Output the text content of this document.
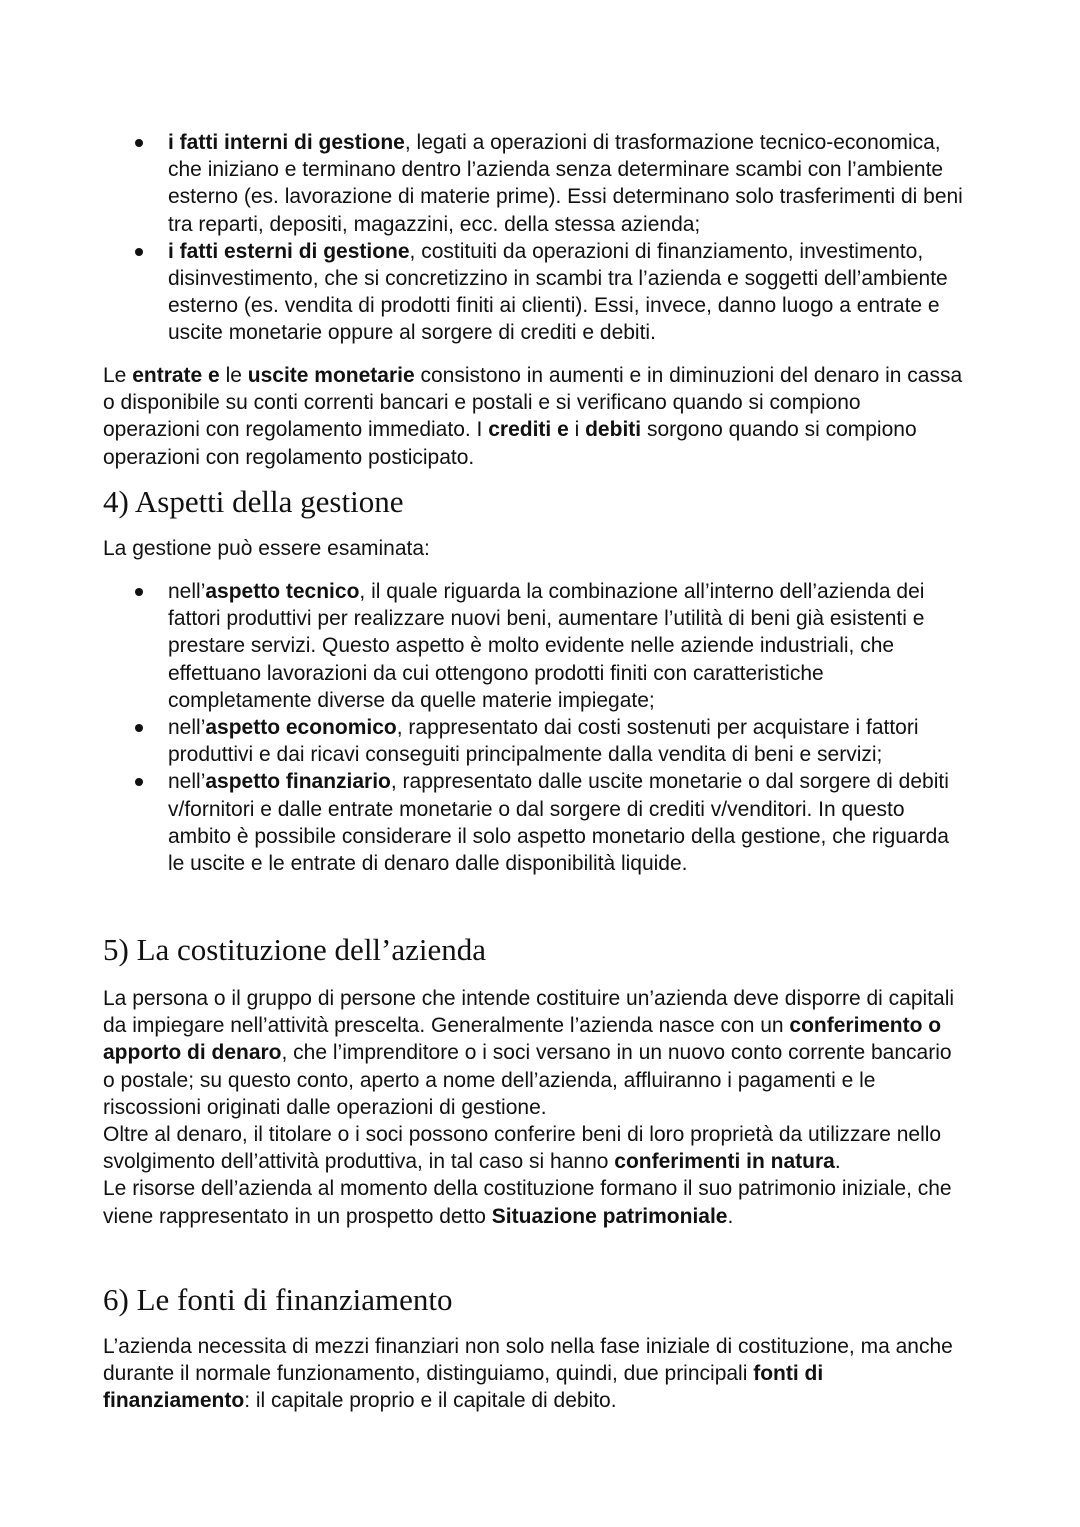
i fatti interni di gestione, legati a operazioni di trasformazione tecnico-economica, che iniziano e terminano dentro l’azienda senza determinare scambi con l’ambiente esterno (es. lavorazione di materie prime). Essi determinano solo trasferimenti di beni tra reparti, depositi, magazzini, ecc. della stessa azienda;
i fatti esterni di gestione, costituiti da operazioni di finanziamento, investimento, disinvestimento, che si concretizzino in scambi tra l’azienda e soggetti dell’ambiente esterno (es. vendita di prodotti finiti ai clienti). Essi, invece, danno luogo a entrate e uscite monetarie oppure al sorgere di crediti e debiti.

Le entrate e le uscite monetarie consistono in aumenti e in diminuzioni del denaro in cassa o disponibile su conti correnti bancari e postali e si verificano quando si compiono operazioni con regolamento immediato. I crediti e i debiti sorgono quando si compiono operazioni con regolamento posticipato.

4) Aspetti della gestione

La gestione può essere esaminata:

nell’aspetto tecnico, il quale riguarda la combinazione all’interno dell’azienda dei fattori produttivi per realizzare nuovi beni, aumentare l’utilità di beni già esistenti e prestare servizi. Questo aspetto è molto evidente nelle aziende industriali, che effettuano lavorazioni da cui ottengono prodotti finiti con caratteristiche completamente diverse da quelle materie impiegate;
nell’aspetto economico, rappresentato dai costi sostenuti per acquistare i fattori produttivi e dai ricavi conseguiti principalmente dalla vendita di beni e servizi;
nell’aspetto finanziario, rappresentato dalle uscite monetarie o dal sorgere di debiti v/fornitori e dalle entrate monetarie o dal sorgere di crediti v/venditori. In questo ambito è possibile considerare il solo aspetto monetario della gestione, che riguarda le uscite e le entrate di denaro dalle disponibilità liquide.
5) La costituzione dell’azienda

La persona o il gruppo di persone che intende costituire un’azienda deve disporre di capitali da impiegare nell’attività prescelta. Generalmente l’azienda nasce con un conferimento o apporto di denaro, che l’imprenditore o i soci versano in un nuovo conto corrente bancario o postale; su questo conto, aperto a nome dell’azienda, affluiranno i pagamenti e le riscossioni originati dalle operazioni di gestione.

Oltre al denaro, il titolare o i soci possono conferire beni di loro proprietà da utilizzare nello svolgimento dell’attività produttiva, in tal caso si hanno conferimenti in natura.

Le risorse dell’azienda al momento della costituzione formano il suo patrimonio iniziale, che viene rappresentato in un prospetto detto Situazione patrimoniale.

6) Le fonti di finanziamento

L’azienda necessita di mezzi finanziari non solo nella fase iniziale di costituzione, ma anche durante il normale funzionamento, distinguiamo, quindi, due principali fonti di finanziamento: il capitale proprio e il capitale di debito.
